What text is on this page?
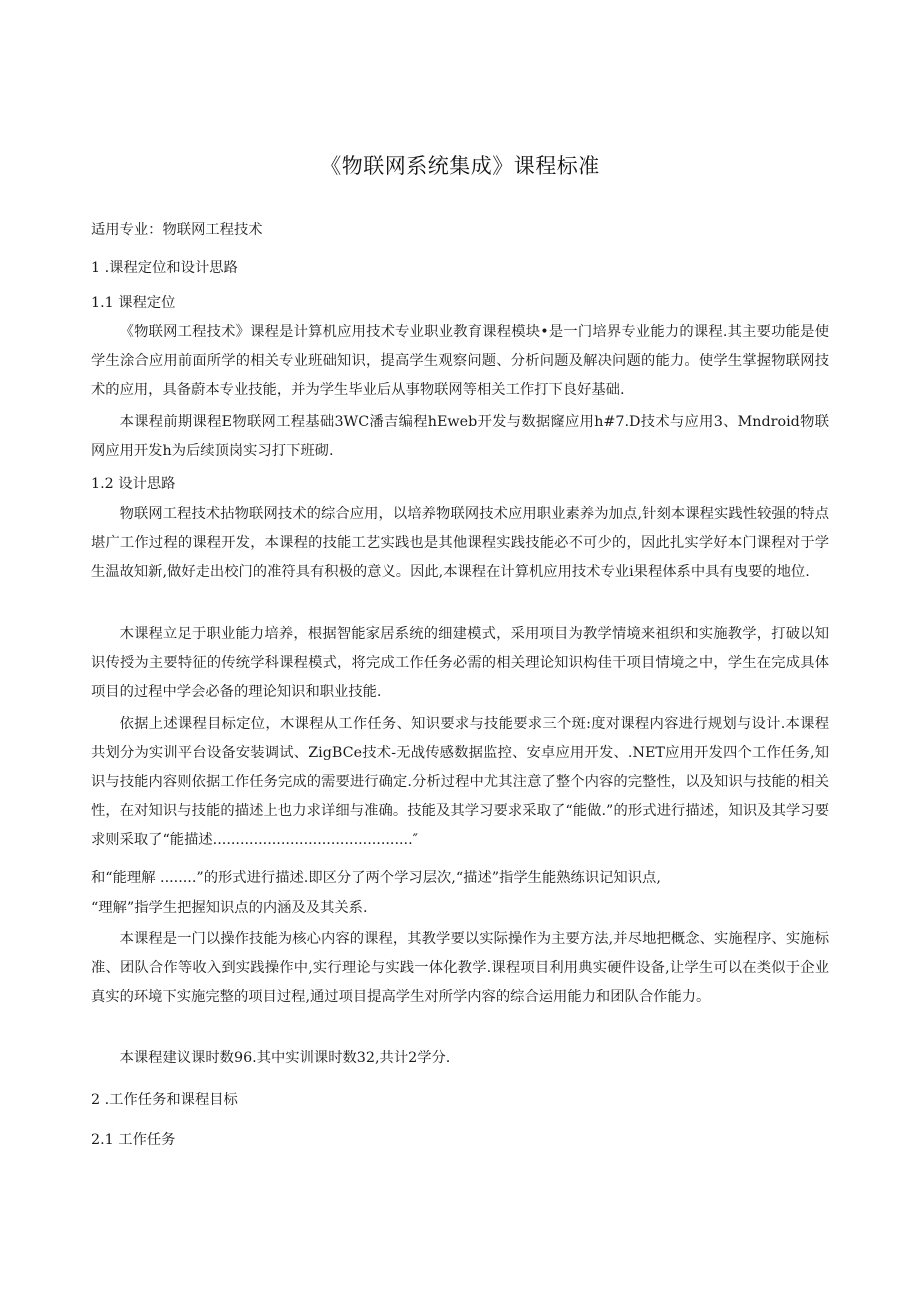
《物联网系统集成》课程标准
适用专业：物联网工程技术
1 .课程定位和设计思路
1.1 课程定位
《物联网工程技术》课程是计算机应用技术专业职业教育课程模块•是一门培界专业能力的课程.其主要功能是使学生涂合应用前面所学的相关专业班础知识，提高学生观察问题、分析问题及解决问题的能力。使学生掌握物联网技术的应用，具备蔚本专业技能，并为学生毕业后从事物联网等相关工作打下良好基础.
本课程前期课程E物联网工程基础3WC潘吉编程hEweb开发与数据窿应用h#7.D技术与应用3、Mndroid物联网应用开发h为后续顶岗实习打下班砌.
1.2 设计思路
物联网工程技术拈物联网技术的综合应用，以培养物联网技术应用职业素养为加点,针刻本课程实践性较强的特点堪广工作过程的课程开发，本课程的技能工艺实践也是其他课程实践技能必不可少的，因此扎实学好本门课程对于学生温故知新,做好走出校门的准符具有积极的意义。因此,本课程在计算机应用技术专业i果程体系中具有曳要的地位.
木课程立足于职业能力培养，根据智能家居系统的细建模式，采用项目为教学情境来祖织和实施教学，打破以知识传授为主要特征的传统学科课程模式，将完成工作任务必需的相关理论知识构佳干项目情境之中，学生在完成具体项目的过程中学会必备的理论知识和职业技能.
依据上述课程目标定位，木课程从工作任务、知识要求与技能要求三个斑:度对课程内容进行规划与设计.本课程共划分为实训平台设备安装调试、ZigBCe技术-无战传感数据监控、安卓应用开发、.NET应用开发四个工作任务,知识与技能内容则依据工作任务完成的需要进行确定.分析过程中尤其注意了整个内容的完整性，以及知识与技能的相关性，在对知识与技能的描述上也力求详细与准确。技能及其学习要求采取了“能做.”的形式进行描述，知识及其学习要求则采取了“能描述............................................″
和“能理解 ........”的形式进行描述.即区分了两个学习层次,“描述”指学生能熟练识记知识点,
“理解”指学生把握知识点的内涵及及其关系.
本课程是一门以操作技能为核心内容的课程，其教学要以实际操作为主要方法,并尽地把概念、实施程序、实施标准、团队合作等收入到实践操作中,实行理论与实践一体化教学.课程项目利用典实硬件设备,让学生可以在类似于企业真实的环境下实施完整的项目过程,通过项目提高学生对所学内容的综合运用能力和团队合作能力。
本课程建议课时数96.其中实训课时数32,共计2学分.
2 .工作任务和课程目标
2.1 工作任务
